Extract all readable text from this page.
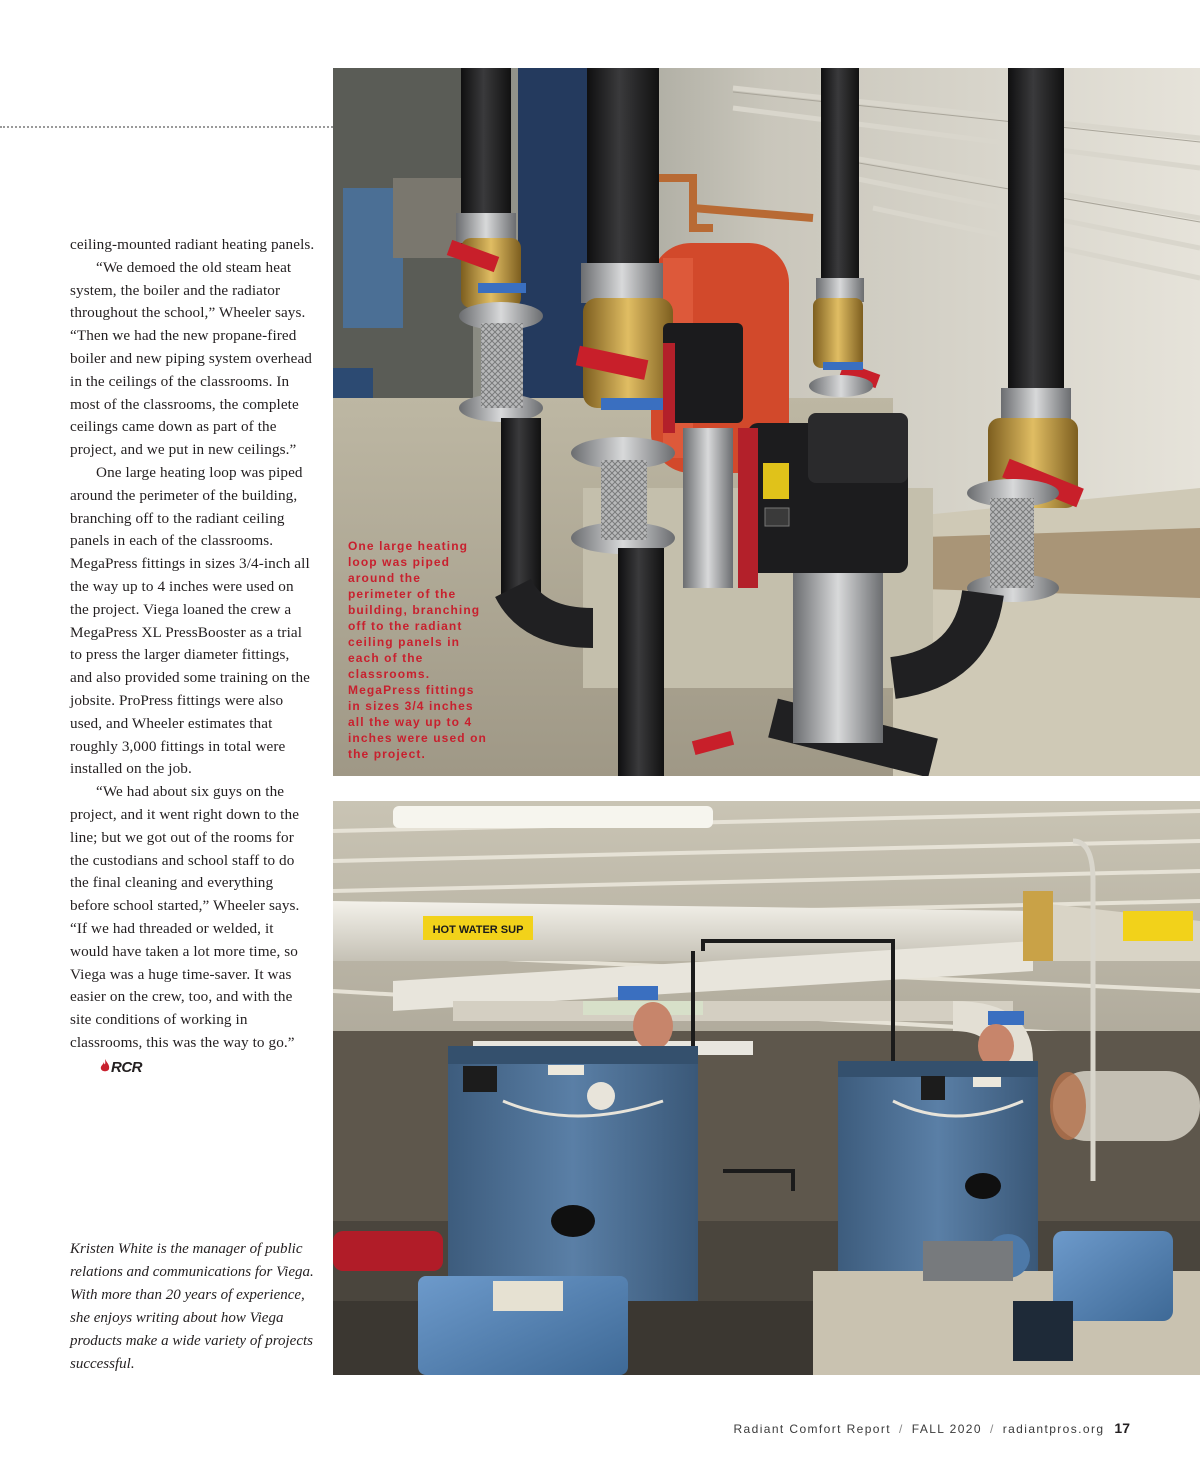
ceiling-mounted radiant heating panels.

“We demoed the old steam heat system, the boiler and the radiator throughout the school,” Wheeler says. “Then we had the new propane-fired boiler and new piping system overhead in the ceilings of the classrooms. In most of the classrooms, the complete ceilings came down as part of the project, and we put in new ceilings.”

One large heating loop was piped around the perimeter of the building, branching off to the radiant ceiling panels in each of the classrooms. MegaPress fittings in sizes 3/4-inch all the way up to 4 inches were used on the project. Viega loaned the crew a MegaPress XL PressBooster as a trial to press the larger diameter fittings, and also provided some training on the jobsite. ProPress fittings were also used, and Wheeler estimates that roughly 3,000 fittings in total were installed on the job.

“We had about six guys on the project, and it went right down to the line; but we got out of the rooms for the custodians and school staff to do the final cleaning and everything before school started,” Wheeler says. “If we had threaded or welded, it would have taken a lot more time, so Viega was a huge time-saver. It was easier on the crew, too, and with the site conditions of working in classrooms, this was the way to go.”RCR

Kristen White is the manager of public relations and communications for Viega. With more than 20 years of experience, she enjoys writing about how Viega products make a wide variety of projects successful.
One large heating loop was piped around the perimeter of the building, branching off to the radiant ceiling panels in each of the classrooms. MegaPress fittings in sizes 3/4 inches all the way up to 4 inches were used on the project.
HOT WATER SUP
Radiant Comfort Report / FALL 2020 / radiantpros.org 17
